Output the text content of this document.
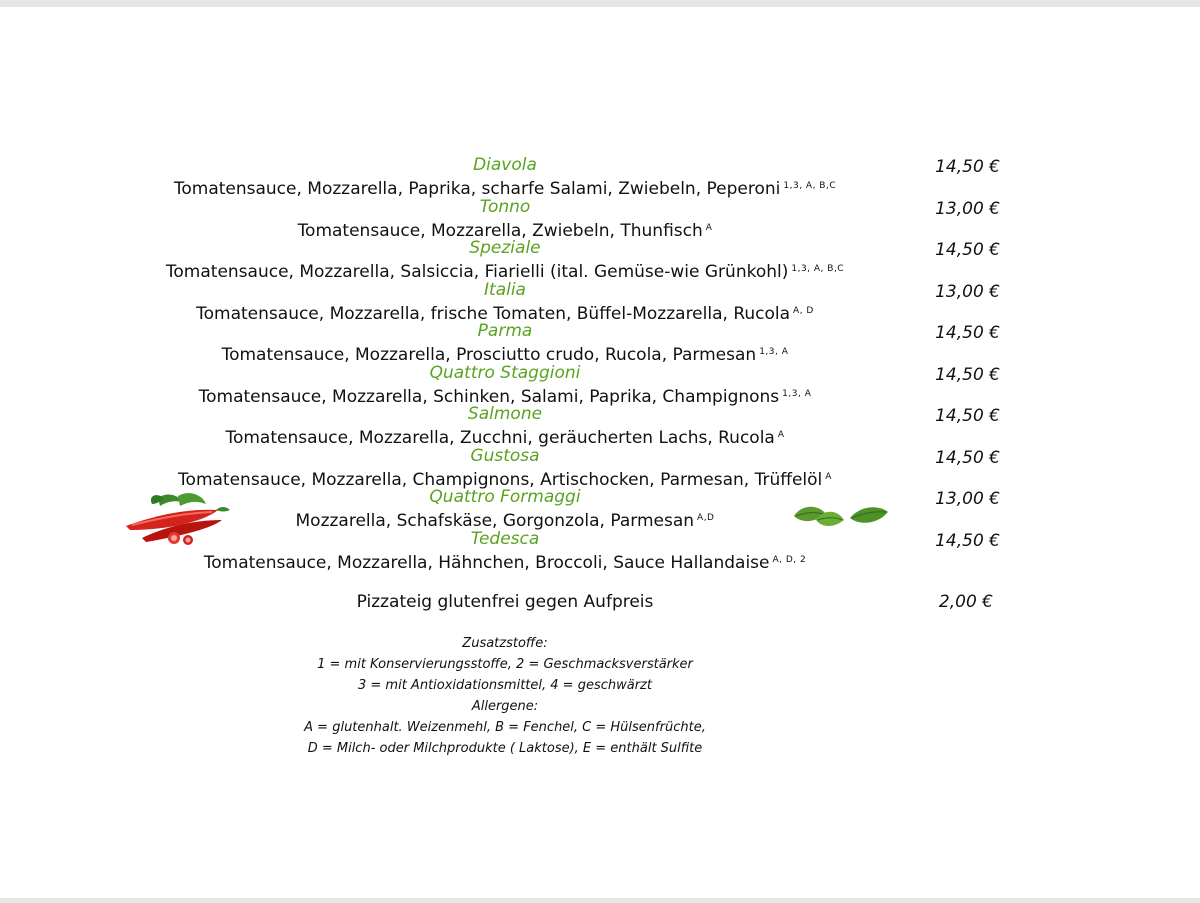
Diavola
Tomatensauce, Mozzarella, Paprika, scharfe Salami, Zwiebeln, Peperoni $^{1,3, A, B,C}$
14,50 €
Tonno
Tomatensauce, Mozzarella, Zwiebeln, Thunfisch $^A$
13,00 €
Speziale
Tomatensauce, Mozzarella, Salsiccia, Fiarielli (ital. Gemüse-wie Grünkohl) $^{1,3, A, B,C}$
14,50 €
Italia
Tomatensauce, Mozzarella, frische Tomaten, Büffel-Mozzarella, Rucola $^{A, D}$
13,00 €
Parma
Tomatensauce, Mozzarella, Prosciutto crudo, Rucola, Parmesan $^{1,3, A}$
14,50 €
Quattro Staggioni
Tomatensauce, Mozzarella, Schinken, Salami, Paprika, Champignons $^{1,3, A}$
14,50 €
Salmone
Tomatensauce, Mozzarella, Zucchni, geräucherten Lachs, Rucola $^A$
14,50 €
Gustosa
Tomatensauce, Mozzarella, Champignons, Artischocken, Parmesan, Trüffelöl $^A$
14,50 €
Quattro Formaggi
Mozzarella, Schafskäse, Gorgonzola, Parmesan $^{A,D}$
13,00 €
Tedesca
Tomatensauce, Mozzarella, Hähnchen, Broccoli, Sauce Hallandaise $^{A, D, 2}$
14,50 €
Pizzateig glutenfrei gegen Aufpreis	2,00 €
Zusatzstoffe:
1 = mit Konservierungsstoffe, 2 = Geschmacksverstärker
3 = mit Antioxidationsmittel, 4 = geschwärzt
Allergene:
A = glutenhalt. Weizenmehl, B = Fenchel, C = Hülsenfrüchte,
D = Milch- oder Milchprodukte ( Laktose), E = enthält Sulfite
